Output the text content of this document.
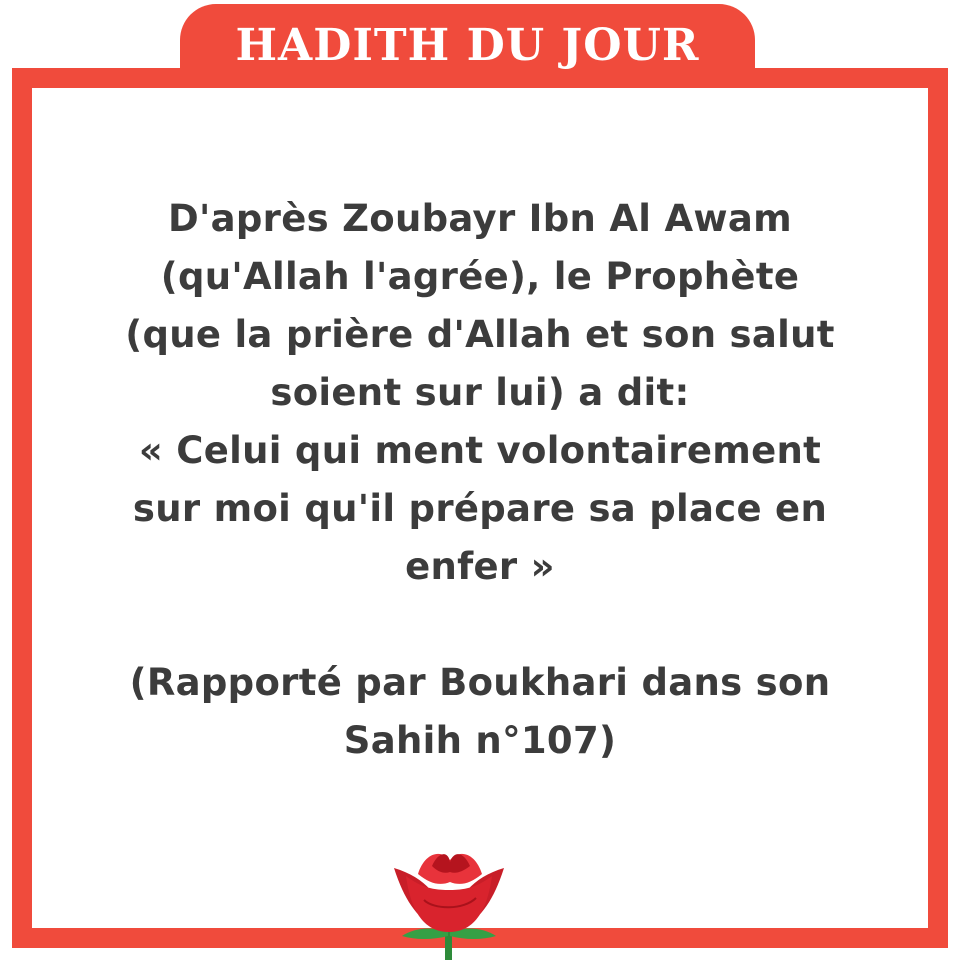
HADITH DU JOUR
D'après Zoubayr Ibn Al Awam
(qu'Allah l'agrée), le Prophète
(que la prière d'Allah et son salut
soient sur lui) a dit:
« Celui qui ment volontairement
sur moi qu'il prépare sa place en
enfer »
(Rapporté par Boukhari dans son
Sahih n°107)
